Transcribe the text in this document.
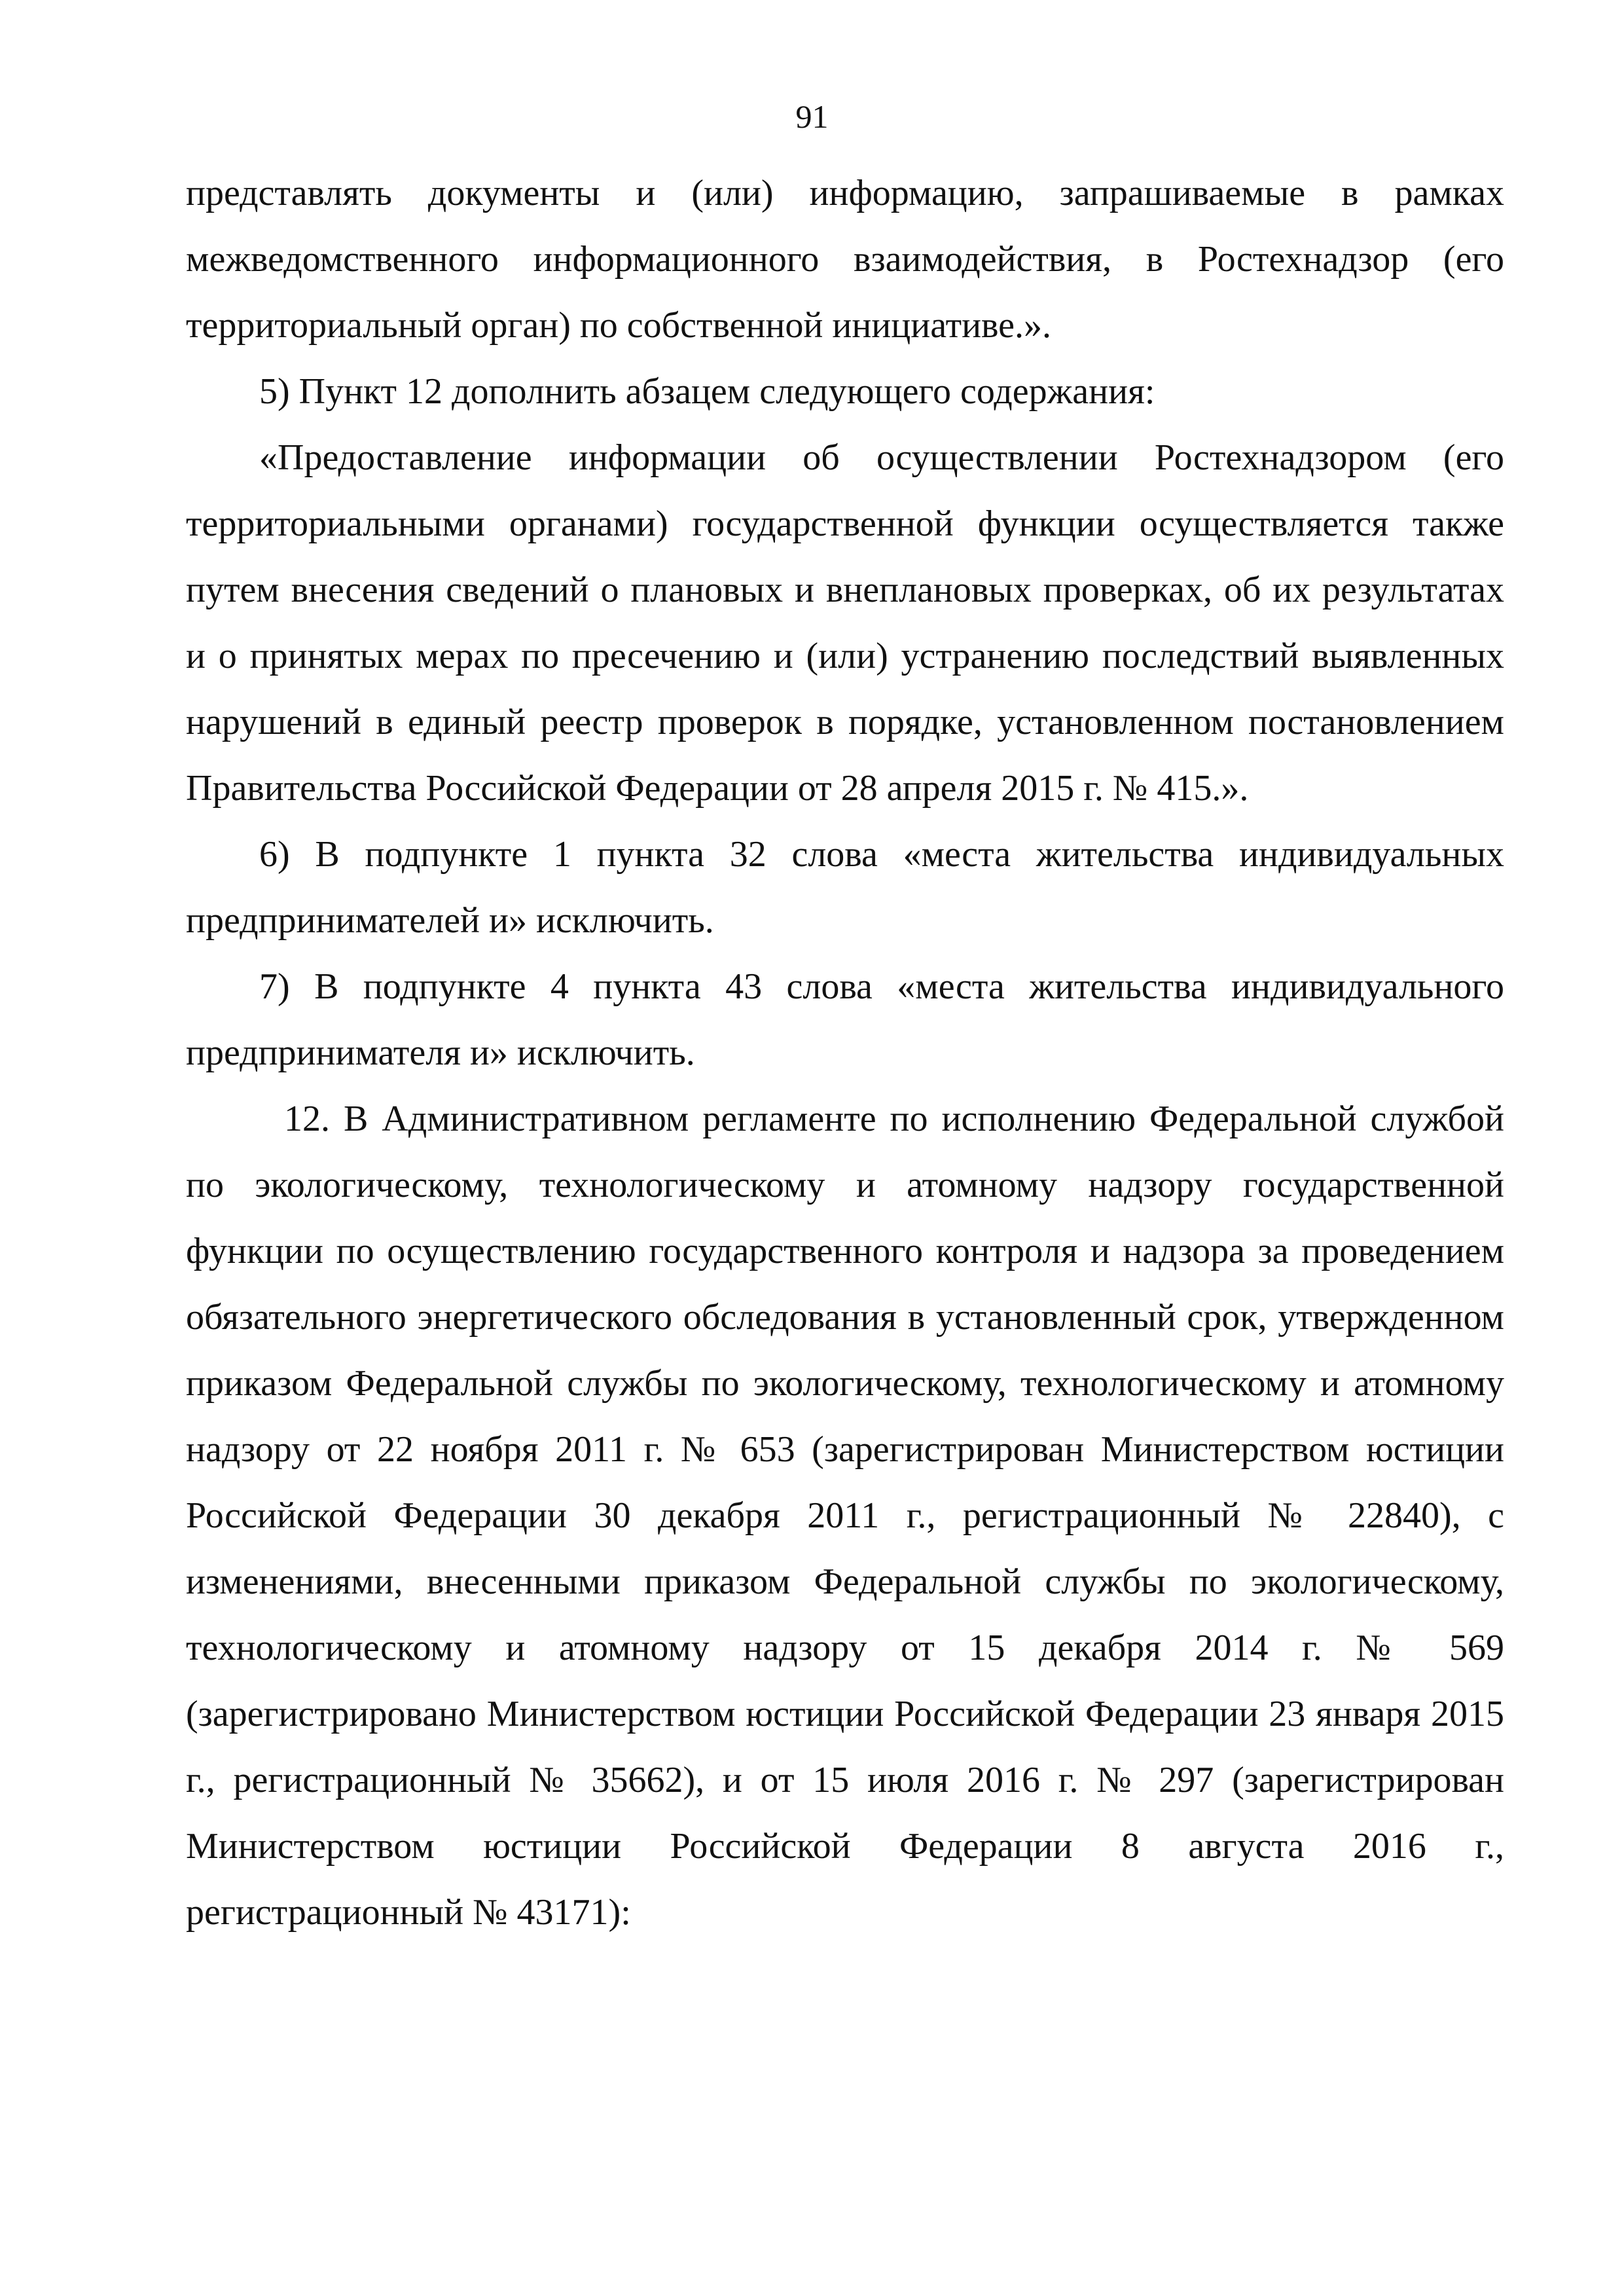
91

представлять документы и (или) информацию, запрашиваемые в рамках межведомственного информационного взаимодействия, в Ростехнадзор (его территориальный орган) по собственной инициативе.».

5) Пункт 12 дополнить абзацем следующего содержания:

«Предоставление информации об осуществлении Ростехнадзором (его территориальными органами) государственной функции осуществляется также путем внесения сведений о плановых и внеплановых проверках, об их результатах и о принятых мерах по пресечению и (или) устранению последствий выявленных нарушений в единый реестр проверок в порядке, установленном постановлением Правительства Российской Федерации от 28 апреля 2015 г. № 415.».

6) В подпункте 1 пункта 32 слова «места жительства индивидуальных предпринимателей и» исключить.

7) В подпункте 4 пункта 43 слова «места жительства индивидуального предпринимателя и» исключить.

12. В Административном регламенте по исполнению Федеральной службой по экологическому, технологическому и атомному надзору государственной функции по осуществлению государственного контроля и надзора за проведением обязательного энергетического обследования в установленный срок, утвержденном приказом Федеральной службы по экологическому, технологическому и атомному надзору от 22 ноября 2011 г. № 653 (зарегистрирован Министерством юстиции Российской Федерации 30 декабря 2011 г., регистрационный № 22840), с изменениями, внесенными приказом Федеральной службы по экологическому, технологическому и атомному надзору от 15 декабря 2014 г. № 569 (зарегистрировано Министерством юстиции Российской Федерации 23 января 2015 г., регистрационный № 35662), и от 15 июля 2016 г. № 297 (зарегистрирован Министерством юстиции Российской Федерации 8 августа 2016 г., регистрационный № 43171):
